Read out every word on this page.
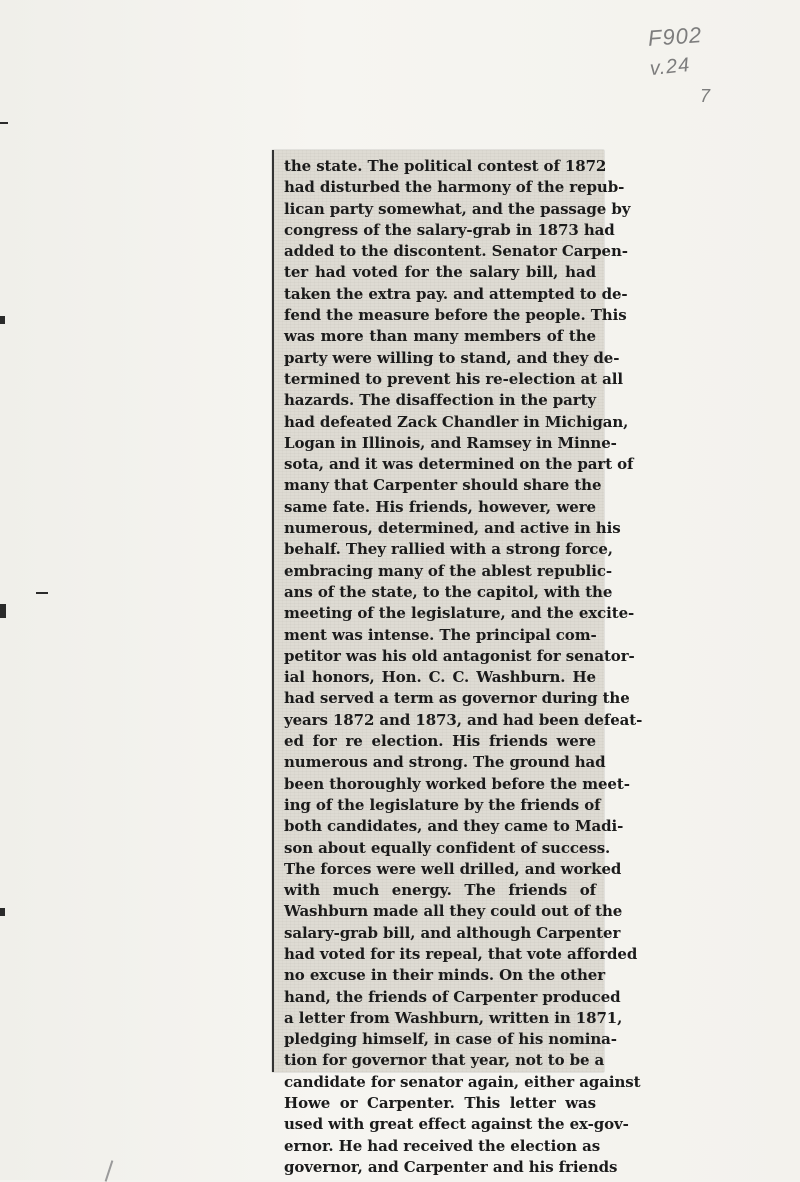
F902
v.24
7
the state. The political contest of 1872
had disturbed the harmony of the repub-
lican party somewhat, and the passage by
congress of the salary-grab in 1873 had
added to the discontent. Senator Carpen-
ter had voted for the salary bill, had
taken the extra pay. and attempted to de-
fend the measure before the people. This
was more than many members of the
party were willing to stand, and they de-
termined to prevent his re-election at all
hazards. The disaffection in the party
had defeated Zack Chandler in Michigan,
Logan in Illinois, and Ramsey in Minne-
sota, and it was determined on the part of
many that Carpenter should share the
same fate. His friends, however, were
numerous, determined, and active in his
behalf. They rallied with a strong force,
embracing many of the ablest republic-
ans of the state, to the capitol, with the
meeting of the legislature, and the excite-
ment was intense. The principal com-
petitor was his old antagonist for senator-
ial honors, Hon. C. C. Washburn. He
had served a term as governor during the
years 1872 and 1873, and had been defeat-
ed for re election. His friends were
numerous and strong. The ground had
been thoroughly worked before the meet-
ing of the legislature by the friends of
both candidates, and they came to Madi-
son about equally confident of success.
The forces were well drilled, and worked
with much energy. The friends of
Washburn made all they could out of the
salary-grab bill, and although Carpenter
had voted for its repeal, that vote afforded
no excuse in their minds. On the other
hand, the friends of Carpenter produced
a letter from Washburn, written in 1871,
pledging himself, in case of his nomina-
tion for governor that year, not to be a
candidate for senator again, either against
Howe or Carpenter. This letter was
used with great effect against the ex-gov-
ernor. He had received the election as
governor, and Carpenter and his friends
